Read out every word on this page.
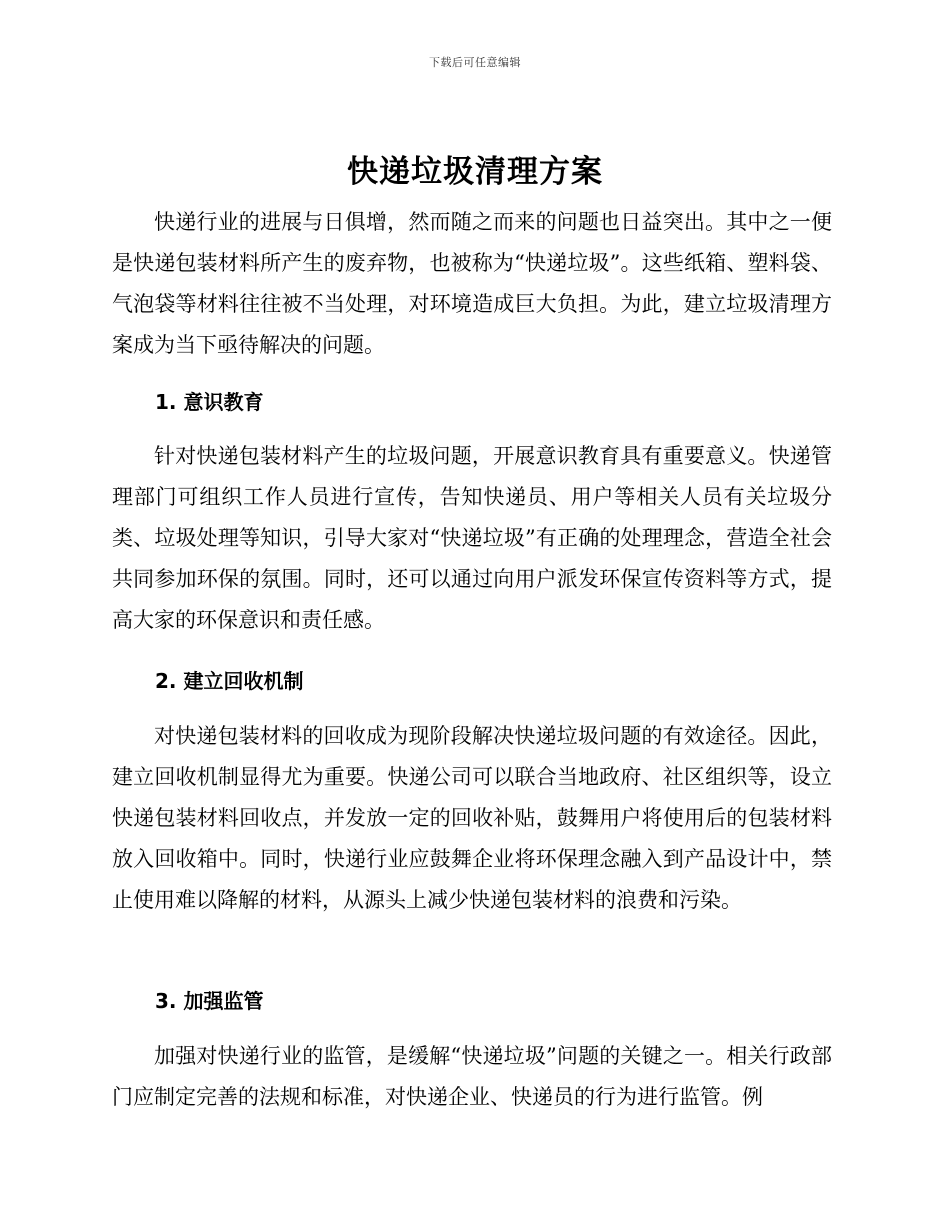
下载后可任意编辑
快递垃圾清理方案

快递行业的进展与日俱增，然而随之而来的问题也日益突出。其中之一便是快递包装材料所产生的废弃物，也被称为“快递垃圾”。这些纸箱、塑料袋、气泡袋等材料往往被不当处理，对环境造成巨大负担。为此，建立垃圾清理方案成为当下亟待解决的问题。

1. 意识教育

针对快递包装材料产生的垃圾问题，开展意识教育具有重要意义。快递管理部门可组织工作人员进行宣传，告知快递员、用户等相关人员有关垃圾分类、垃圾处理等知识，引导大家对“快递垃圾”有正确的处理理念，营造全社会共同参加环保的氛围。同时，还可以通过向用户派发环保宣传资料等方式，提高大家的环保意识和责任感。

2. 建立回收机制

对快递包装材料的回收成为现阶段解决快递垃圾问题的有效途径。因此，建立回收机制显得尤为重要。快递公司可以联合当地政府、社区组织等，设立快递包装材料回收点，并发放一定的回收补贴，鼓舞用户将使用后的包装材料放入回收箱中。同时，快递行业应鼓舞企业将环保理念融入到产品设计中，禁止使用难以降解的材料，从源头上减少快递包装材料的浪费和污染。

3. 加强监管

加强对快递行业的监管，是缓解“快递垃圾”问题的关键之一。相关行政部门应制定完善的法规和标准，对快递企业、快递员的行为进行监管。例
